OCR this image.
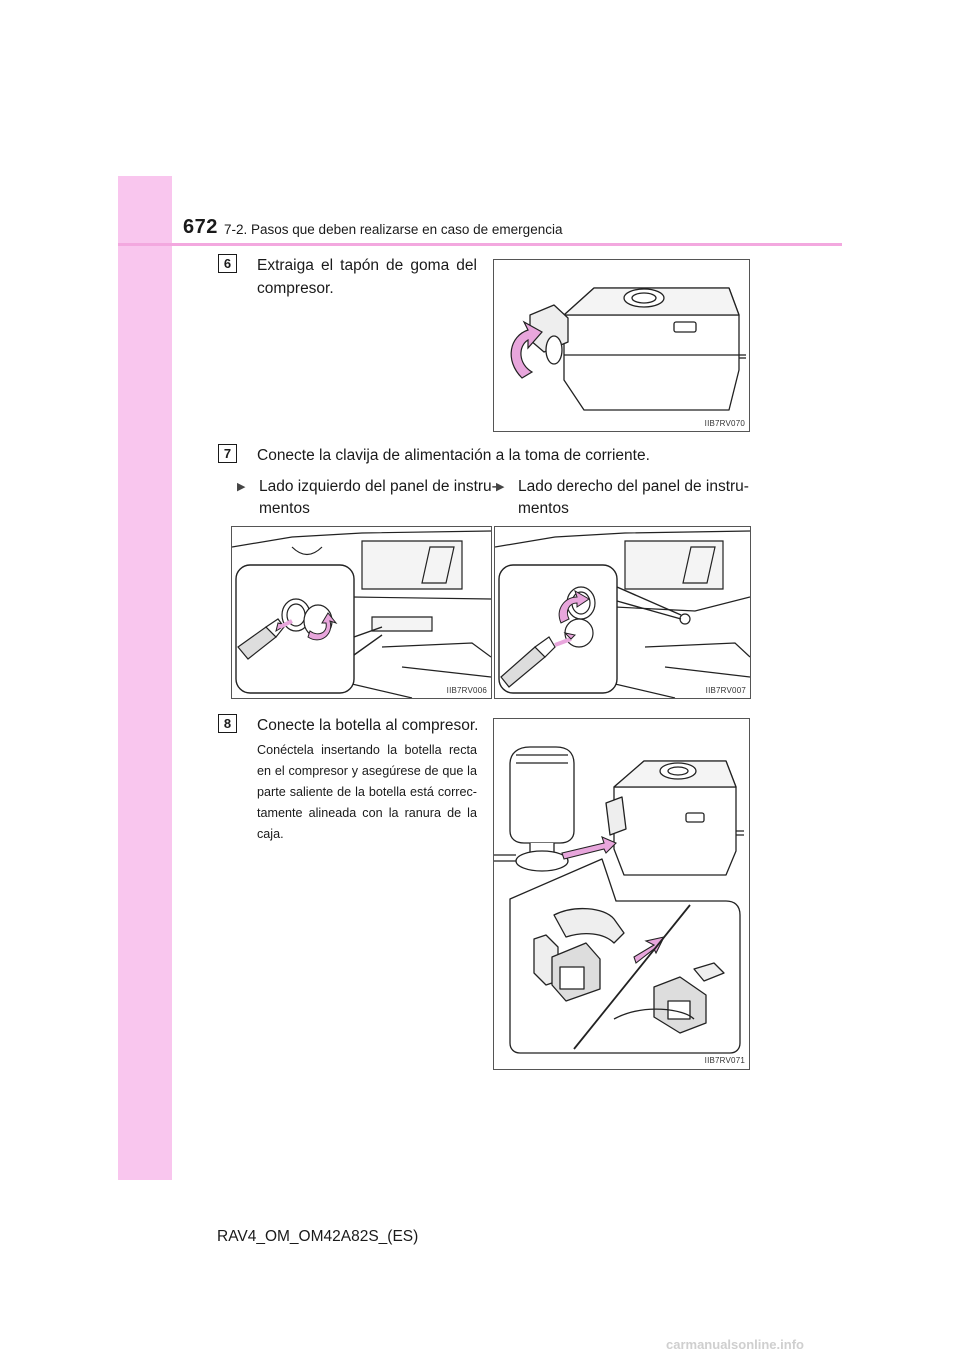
672 7-2. Pasos que deben realizarse en caso de emergencia
6	Extraiga el tapón de goma del compresor.
IIB7RV070
7	Conecte la clavija de alimentación a la toma de corriente.
▶ Lado izquierdo del panel de instru-mentos
▶ Lado derecho del panel de instru-mentos
IIB7RV006	IIB7RV007
8	Conecte la botella al compresor.
Conéctela insertando la botella recta en el compresor y asegúrese de que la parte saliente de la botella está correc-tamente alineada con la ranura de la caja.
IIB7RV071
RAV4_OM_OM42A82S_(ES)
carmanualsonline.info
